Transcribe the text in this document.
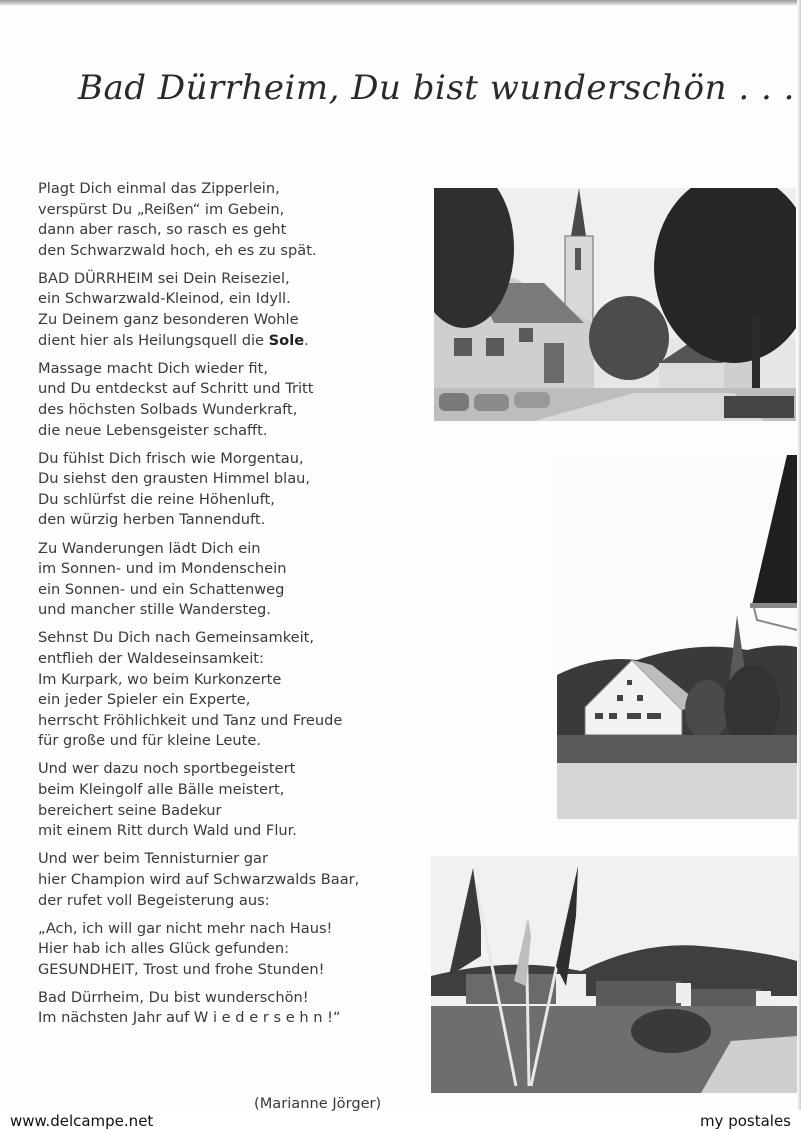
Bad Dürrheim, Du bist wunderschön . . .
Plagt Dich einmal das Zipperlein,
verspürst Du „Reißen“ im Gebein,
dann aber rasch, so rasch es geht
den Schwarzwald hoch, eh es zu spät.
BAD DÜRRHEIM sei Dein Reiseziel,
ein Schwarzwald-Kleinod, ein Idyll.
Zu Deinem ganz besonderen Wohle
dient hier als Heilungsquell die Sole.
Massage macht Dich wieder fit,
und Du entdeckst auf Schritt und Tritt
des höchsten Solbads Wunderkraft,
die neue Lebensgeister schafft.
Du fühlst Dich frisch wie Morgentau,
Du siehst den grausten Himmel blau,
Du schlürfst die reine Höhenluft,
den würzig herben Tannenduft.
Zu Wanderungen lädt Dich ein
im Sonnen- und im Mondenschein
ein Sonnen- und ein Schattenweg
und mancher stille Wandersteg.
Sehnst Du Dich nach Gemeinsamkeit,
entflieh der Waldeseinsamkeit:
Im Kurpark, wo beim Kurkonzerte
ein jeder Spieler ein Experte,
herrscht Fröhlichkeit und Tanz und Freude
für große und für kleine Leute.
Und wer dazu noch sportbegeistert
beim Kleingolf alle Bälle meistert,
bereichert seine Badekur
mit einem Ritt durch Wald und Flur.
Und wer beim Tennisturnier gar
hier Champion wird auf Schwarzwalds Baar,
der rufet voll Begeisterung aus:
„Ach, ich will gar nicht mehr nach Haus!
Hier hab ich alles Glück gefunden:
GESUNDHEIT, Trost und frohe Stunden!
Bad Dürrheim, Du bist wunderschön!
Im nächsten Jahr auf W i e d e r s e h n !“
(Marianne Jörger)
www.delcampe.net	my postales
